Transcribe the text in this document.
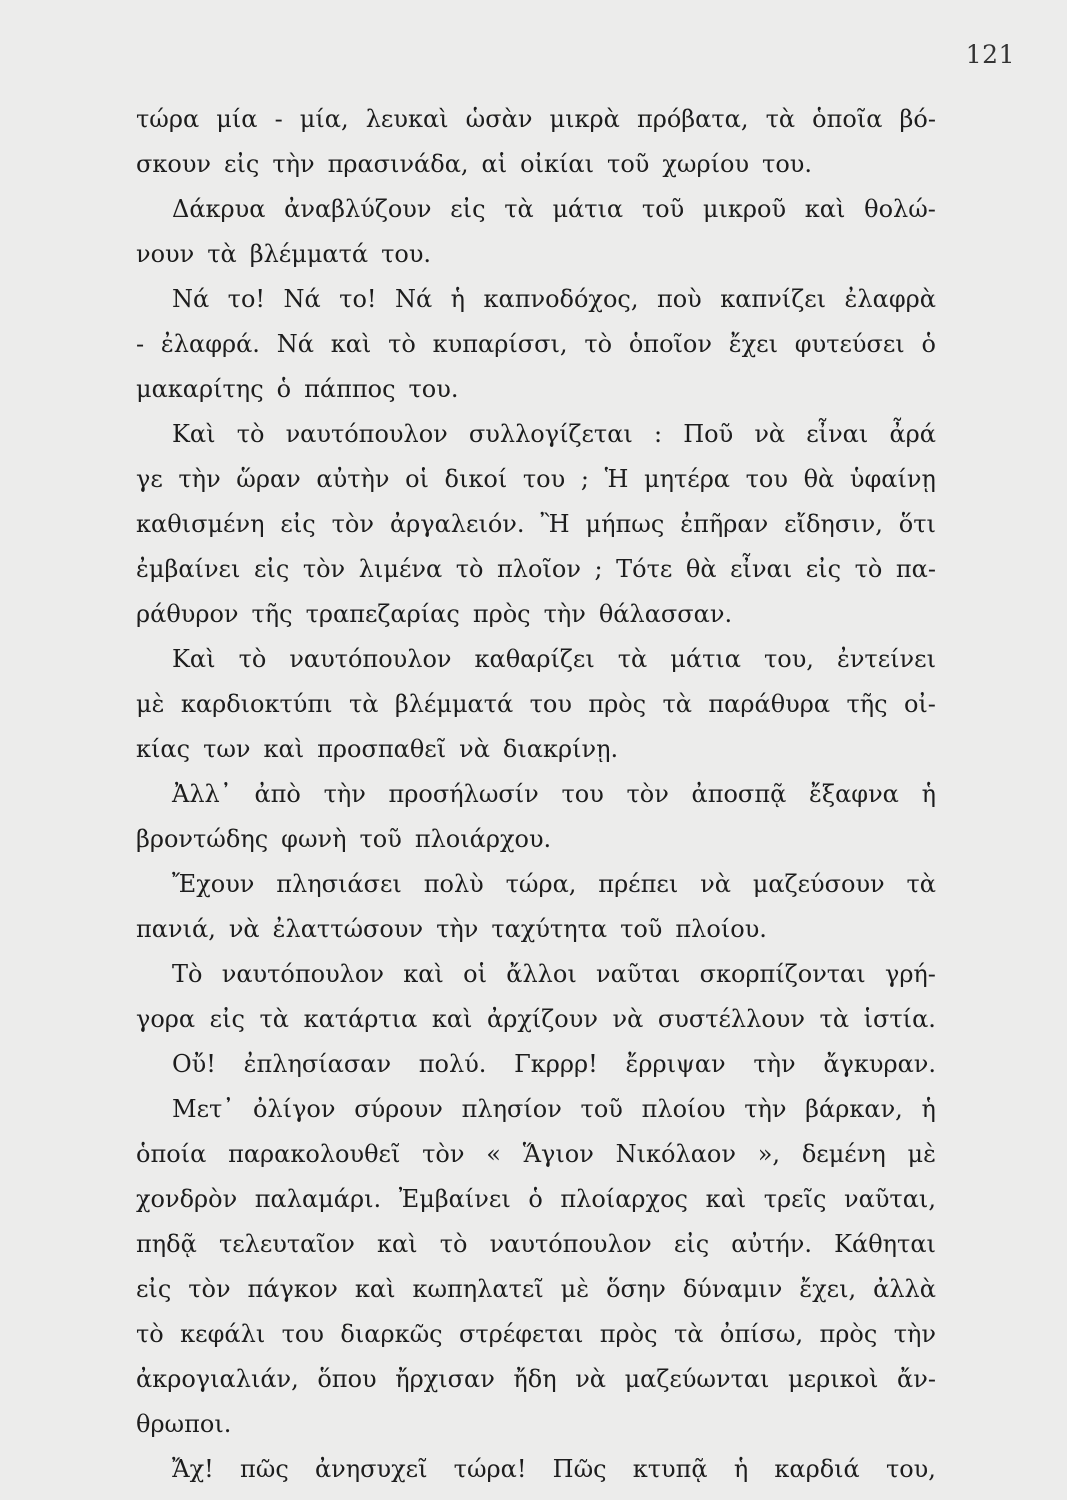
121
τώρα μία - μία, λευκαὶ ὡσὰν μικρὰ πρόβατα, τὰ ὁποῖα βό-
σκουν εἰς τὴν πρασινάδα, αἱ οἰκίαι τοῦ χωρίου του.
Δάκρυα ἀναβλύζουν εἰς τὰ μάτια τοῦ μικροῦ καὶ θολώ-
νουν τὰ βλέμματά του.
Νά το! Νά το! Νά ἡ καπνοδόχος, ποὺ καπνίζει ἐλαφρὰ
- ἐλαφρά. Νά καὶ τὸ κυπαρίσσι, τὸ ὁποῖον ἔχει φυτεύσει ὁ
μακαρίτης ὁ πάππος του.
Καὶ τὸ ναυτόπουλον συλλογίζεται : Ποῦ νὰ εἶναι ἆρά
γε τὴν ὥραν αὐτὴν οἱ δικοί του ; Ἡ μητέρα του θὰ ὑφαίνῃ
καθισμένη εἰς τὸν ἀργαλειόν. Ἢ μήπως ἐπῆραν εἴδησιν, ὅτι
ἐμβαίνει εἰς τὸν λιμένα τὸ πλοῖον ; Τότε θὰ εἶναι εἰς τὸ πα-
ράθυρον τῆς τραπεζαρίας πρὸς τὴν θάλασσαν.
Καὶ τὸ ναυτόπουλον καθαρίζει τὰ μάτια του, ἐντείνει
μὲ καρδιοκτύπι τὰ βλέμματά του πρὸς τὰ παράθυρα τῆς οἰ-
κίας των καὶ προσπαθεῖ νὰ διακρίνῃ.
Ἀλλ᾽ ἀπὸ τὴν προσήλωσίν του τὸν ἀποσπᾷ ἔξαφνα ἡ
βροντώδης φωνὴ τοῦ πλοιάρχου.
Ἔχουν πλησιάσει πολὺ τώρα, πρέπει νὰ μαζεύσουν τὰ
πανιά, νὰ ἐλαττώσουν τὴν ταχύτητα τοῦ πλοίου.
Τὸ ναυτόπουλον καὶ οἱ ἄλλοι ναῦται σκορπίζονται γρή-
γορα εἰς τὰ κατάρτια καὶ ἀρχίζουν νὰ συστέλλουν τὰ ἱστία.
Οὔ! ἐπλησίασαν πολύ. Γκρρρ! ἔρριψαν τὴν ἄγκυραν.
Μετ᾽ ὀλίγον σύρουν πλησίον τοῦ πλοίου τὴν βάρκαν, ἡ
ὁποία παρακολουθεῖ τὸν « Ἅγιον Νικόλαον », δεμένη μὲ
χονδρὸν παλαμάρι. Ἐμβαίνει ὁ πλοίαρχος καὶ τρεῖς ναῦται,
πηδᾷ τελευταῖον καὶ τὸ ναυτόπουλον εἰς αὐτήν. Κάθηται
εἰς τὸν πάγκον καὶ κωπηλατεῖ μὲ ὅσην δύναμιν ἔχει, ἀλλὰ
τὸ κεφάλι του διαρκῶς στρέφεται πρὸς τὰ ὀπίσω, πρὸς τὴν
ἀκρογιαλιάν, ὅπου ἤρχισαν ἤδη νὰ μαζεύωνται μερικοὶ ἄν-
θρωποι.
Ἄχ! πῶς ἀνησυχεῖ τώρα! Πῶς κτυπᾷ ἡ καρδιά του,
